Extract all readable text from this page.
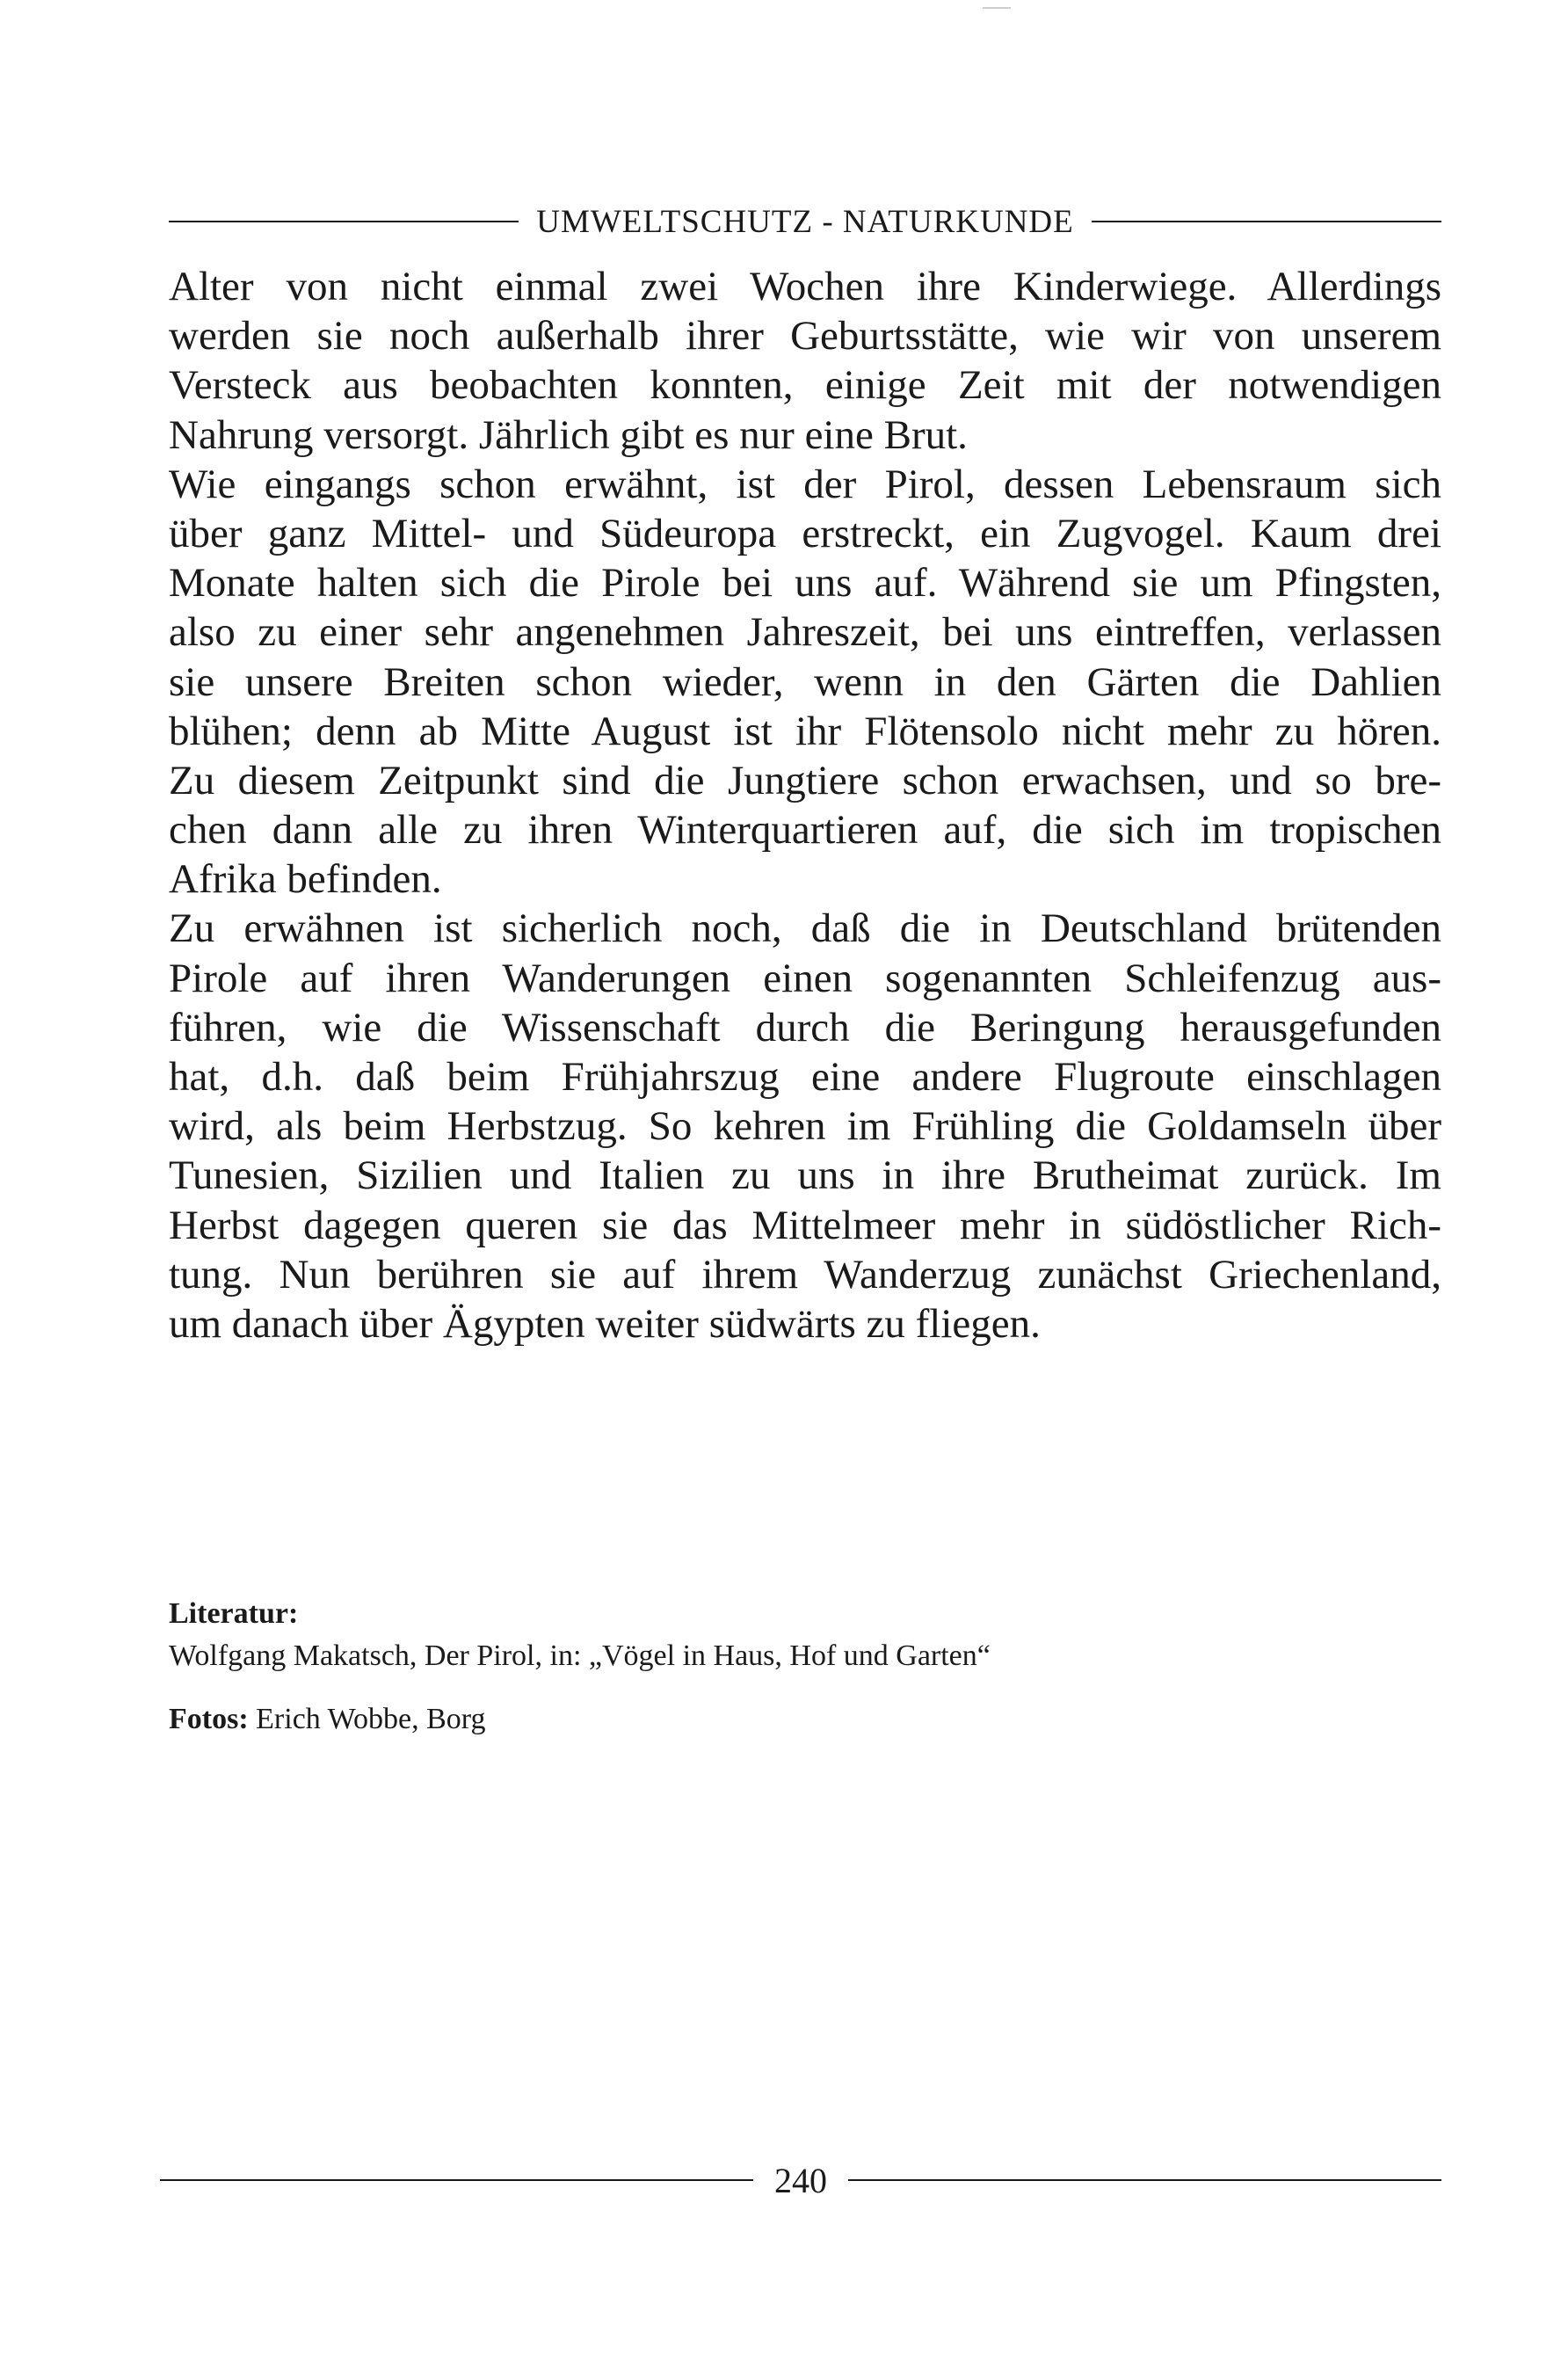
UMWELTSCHUTZ - NATURKUNDE
Alter von nicht einmal zwei Wochen ihre Kinderwiege. Allerdings
werden sie noch außerhalb ihrer Geburtsstätte, wie wir von unserem
Versteck aus beobachten konnten, einige Zeit mit der notwendigen
Nahrung versorgt. Jährlich gibt es nur eine Brut.
Wie eingangs schon erwähnt, ist der Pirol, dessen Lebensraum sich
über ganz Mittel- und Südeuropa erstreckt, ein Zugvogel. Kaum drei
Monate halten sich die Pirole bei uns auf. Während sie um Pfingsten,
also zu einer sehr angenehmen Jahreszeit, bei uns eintreffen, verlassen
sie unsere Breiten schon wieder, wenn in den Gärten die Dahlien
blühen; denn ab Mitte August ist ihr Flötensolo nicht mehr zu hören.
Zu diesem Zeitpunkt sind die Jungtiere schon erwachsen, und so bre-
chen dann alle zu ihren Winterquartieren auf, die sich im tropischen
Afrika befinden.
Zu erwähnen ist sicherlich noch, daß die in Deutschland brütenden
Pirole auf ihren Wanderungen einen sogenannten Schleifenzug aus-
führen, wie die Wissenschaft durch die Beringung herausgefunden
hat, d.h. daß beim Frühjahrszug eine andere Flugroute einschlagen
wird, als beim Herbstzug. So kehren im Frühling die Goldamseln über
Tunesien, Sizilien und Italien zu uns in ihre Brutheimat zurück. Im
Herbst dagegen queren sie das Mittelmeer mehr in südöstlicher Rich-
tung. Nun berühren sie auf ihrem Wanderzug zunächst Griechenland,
um danach über Ägypten weiter südwärts zu fliegen.
Literatur:
Wolfgang Makatsch, Der Pirol, in: „Vögel in Haus, Hof und Garten“
Fotos: Erich Wobbe, Borg
240
